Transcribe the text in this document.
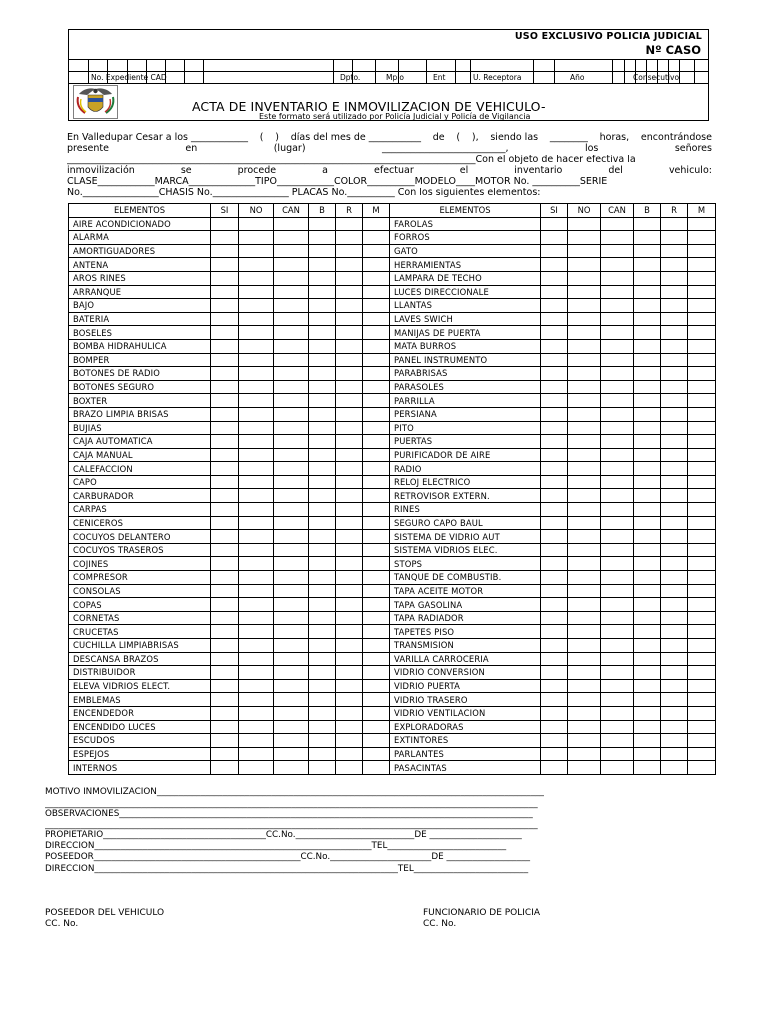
USO EXCLUSIVO POLICIA JUDICIAL
Nº CASO
No. Expediente CAD	Dpto.	Mpio	Ent	U. Receptora	Año	Consecutivo
ACTA DE INVENTARIO E INMOVILIZACION DE VEHICULO-
Este formato será utilizado por Policía Judicial y Policía de Vigilancia
En Valledupar Cesar a los ____________ ( ) días del mes de ___________ de ( ), siendo las ________ horas, encontrándose
presente	en	(lugar)	__________________________,	los	señores
______________________________________________________________________________________Con el objeto de hacer efectiva la
inmovilización	se	procede	a	efectuar	el	inventario	del	vehiculo:
CLASE____________MARCA______________TIPO____________COLOR__________MODELO____MOTOR No. __________SERIE
No.________________CHASIS No.________________ PLACAS No.__________ Con los siguientes elementos:
ELEMENTOS	SI	NO	CAN	B	R	M	ELEMENTOS	SI	NO	CAN	B	R	M
AIRE ACONDICIONADO							FAROLAS						
ALARMA							FORROS						
AMORTIGUADORES							GATO						
ANTENA							HERRAMIENTAS						
AROS RINES							LAMPARA DE TECHO						
ARRANQUE							LUCES DIRECCIONALE						
BAJO							LLANTAS						
BATERIA							LAVES SWICH						
BOSELES							MANIJAS DE PUERTA						
BOMBA HIDRAHULICA							MATA BURROS						
BOMPER							PANEL INSTRUMENTO						
BOTONES DE RADIO							PARABRISAS						
BOTONES SEGURO							PARASOLES						
BOXTER							PARRILLA						
BRAZO LIMPIA BRISAS							PERSIANA						
BUJIAS							PITO						
CAJA AUTOMATICA							PUERTAS						
CAJA MANUAL							PURIFICADOR DE AIRE						
CALEFACCION							RADIO						
CAPO							RELOJ ELECTRICO						
CARBURADOR							RETROVISOR EXTERN.						
CARPAS							RINES						
CENICEROS							SEGURO CAPO BAUL						
COCUYOS DELANTERO							SISTEMA DE VIDRIO AUT						
COCUYOS TRASEROS							SISTEMA VIDRIOS ELEC.						
COJINES							STOPS						
COMPRESOR							TANQUE DE COMBUSTIB.						
CONSOLAS							TAPA ACEITE MOTOR						
COPAS							TAPA GASOLINA						
CORNETAS							TAPA RADIADOR						
CRUCETAS							TAPETES PISO						
CUCHILLA LIMPIABRISAS							TRANSMISION						
DESCANSA BRAZOS							VARILLA CARROCERIA						
DISTRIBUIDOR							VIDRIO CONVERSION						
ELEVA VIDRIOS ELECT.							VIDRIO PUERTA						
EMBLEMAS							VIDRIO TRASERO						
ENCENDEDOR							VIDRIO VENTILACION						
ENCENDIDO LUCES							EXPLORADORAS						
ESCUDOS							EXTINTORES						
ESPEJOS							PARLANTES						
INTERNOS							PASACINTAS						
MOTIVO INMOVILIZACION________________________________________________________________________________________
________________________________________________________________________________________________________________
OBSERVACIONES______________________________________________________________________________________________
________________________________________________________________________________________________________________
PROPIETARIO_____________________________________CC.No.___________________________DE _____________________
DIRECCION_______________________________________________________________TEL___________________________
POSEEDOR_______________________________________________CC.No._______________________DE ___________________
DIRECCION_____________________________________________________________________TEL__________________________
POSEEDOR DEL VEHICULO
CC. No.
FUNCIONARIO DE POLICIA
CC. No.
